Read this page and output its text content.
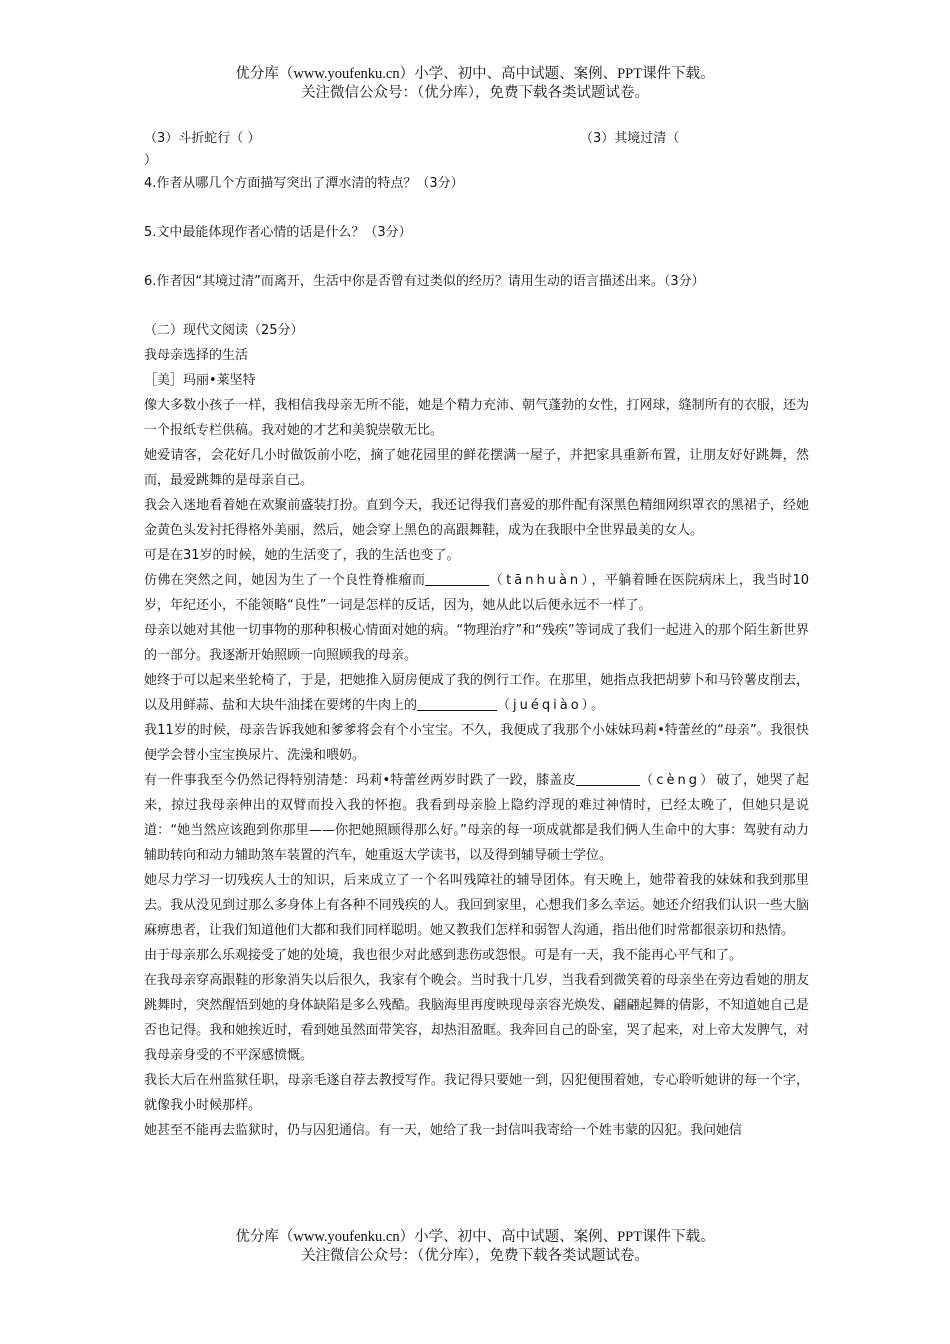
优分库（www.youfenku.cn）小学、初中、高中试题、案例、PPT课件下载。
关注微信公众号：（优分库），免费下载各类试题试卷。
（3）斗折蛇行（ ）	（3）其境过清（
）
4.作者从哪几个方面描写突出了潭水清的特点？（3分）
5.文中最能体现作者心情的话是什么？（3分）
6.作者因“其境过清”而离开，生活中你是否曾有过类似的经历？请用生动的语言描述出来。（3分）
（二）现代文阅读（25分）
我母亲选择的生活
［美］玛丽•莱坚特
像大多数小孩子一样，我相信我母亲无所不能，她是个精力充沛、朝气蓬勃的女性，打网球，缝制所有的衣服，还为一个报纸专栏供稿。我对她的才艺和美貌崇敬无比。
她爱请客，会花好几小时做饭前小吃，摘了她花园里的鲜花摆满一屋子，并把家具重新布置，让朋友好好跳舞，然而，最爱跳舞的是母亲自己。
我会入迷地看着她在欢聚前盛装打扮。直到今天，我还记得我们喜爱的那件配有深黑色精细网织罩衣的黑裙子，经她金黄色头发衬托得格外美丽，然后，她会穿上黑色的高跟舞鞋，成为在我眼中全世界最美的女人。
可是在31岁的时候，她的生活变了，我的生活也变了。
仿佛在突然之间，她因为生了一个良性脊椎瘤而	（tānhuàn），平躺着睡在医院病床上，我当时10岁，年纪还小，不能领略“良性”一词是怎样的反话，因为，她从此以后便永远不一样了。
母亲以她对其他一切事物的那种积极心情面对她的病。“物理治疗”和“残疾”等词成了我们一起进入的那个陌生新世界的一部分。我逐渐开始照顾一向照顾我的母亲。
她终于可以起来坐轮椅了，于是，把她推入厨房便成了我的例行工作。在那里，她指点我把胡萝卜和马铃薯皮削去，以及用鲜蒜、盐和大块牛油揉在要烤的牛肉上的	（juéqiào）。
我11岁的时候，母亲告诉我她和爹爹将会有个小宝宝。不久，我便成了我那个小妹妹玛莉•特蕾丝的“母亲”。我很快便学会替小宝宝换尿片、洗澡和喂奶。
有一件事我至今仍然记得特别清楚：玛莉•特蕾丝两岁时跌了一跤，膝盖皮	（cèng）破了，她哭了起来，掠过我母亲伸出的双臂而投入我的怀抱。我看到母亲脸上隐约浮现的难过神情时，已经太晚了，但她只是说道：“她当然应该跑到你那里——你把她照顾得那么好。”母亲的每一项成就都是我们俩人生命中的大事：驾驶有动力辅助转向和动力辅助煞车装置的汽车，她重返大学读书，以及得到辅导硕士学位。
她尽力学习一切残疾人士的知识，后来成立了一个名叫残障社的辅导团体。有天晚上，她带着我的妹妹和我到那里去。我从没见到过那么多身体上有各种不同残疾的人。我回到家里，心想我们多么幸运。她还介绍我们认识一些大脑麻痹患者，让我们知道他们大都和我们同样聪明。她又教我们怎样和弱智人沟通，指出他们时常都很亲切和热情。
由于母亲那么乐观接受了她的处境，我也很少对此感到悲伤或怨恨。可是有一天，我不能再心平气和了。
在我母亲穿高跟鞋的形象消失以后很久，我家有个晚会。当时我十几岁，当我看到微笑着的母亲坐在旁边看她的朋友跳舞时，突然醒悟到她的身体缺陷是多么残酷。我脑海里再度映现母亲容光焕发、翩翩起舞的倩影，不知道她自己是否也记得。我和她挨近时，看到她虽然面带笑容，却热泪盈眶。我奔回自己的卧室，哭了起来，对上帝大发脾气，对我母亲身受的不平深感愤慨。
我长大后在州监狱任职，母亲毛遂自荐去教授写作。我记得只要她一到，囚犯便围着她，专心聆听她讲的每一个字，就像我小时候那样。
她甚至不能再去监狱时，仍与囚犯通信。有一天，她给了我一封信叫我寄给一个姓韦蒙的囚犯。我问她信
优分库（www.youfenku.cn）小学、初中、高中试题、案例、PPT课件下载。
关注微信公众号：（优分库），免费下载各类试题试卷。
